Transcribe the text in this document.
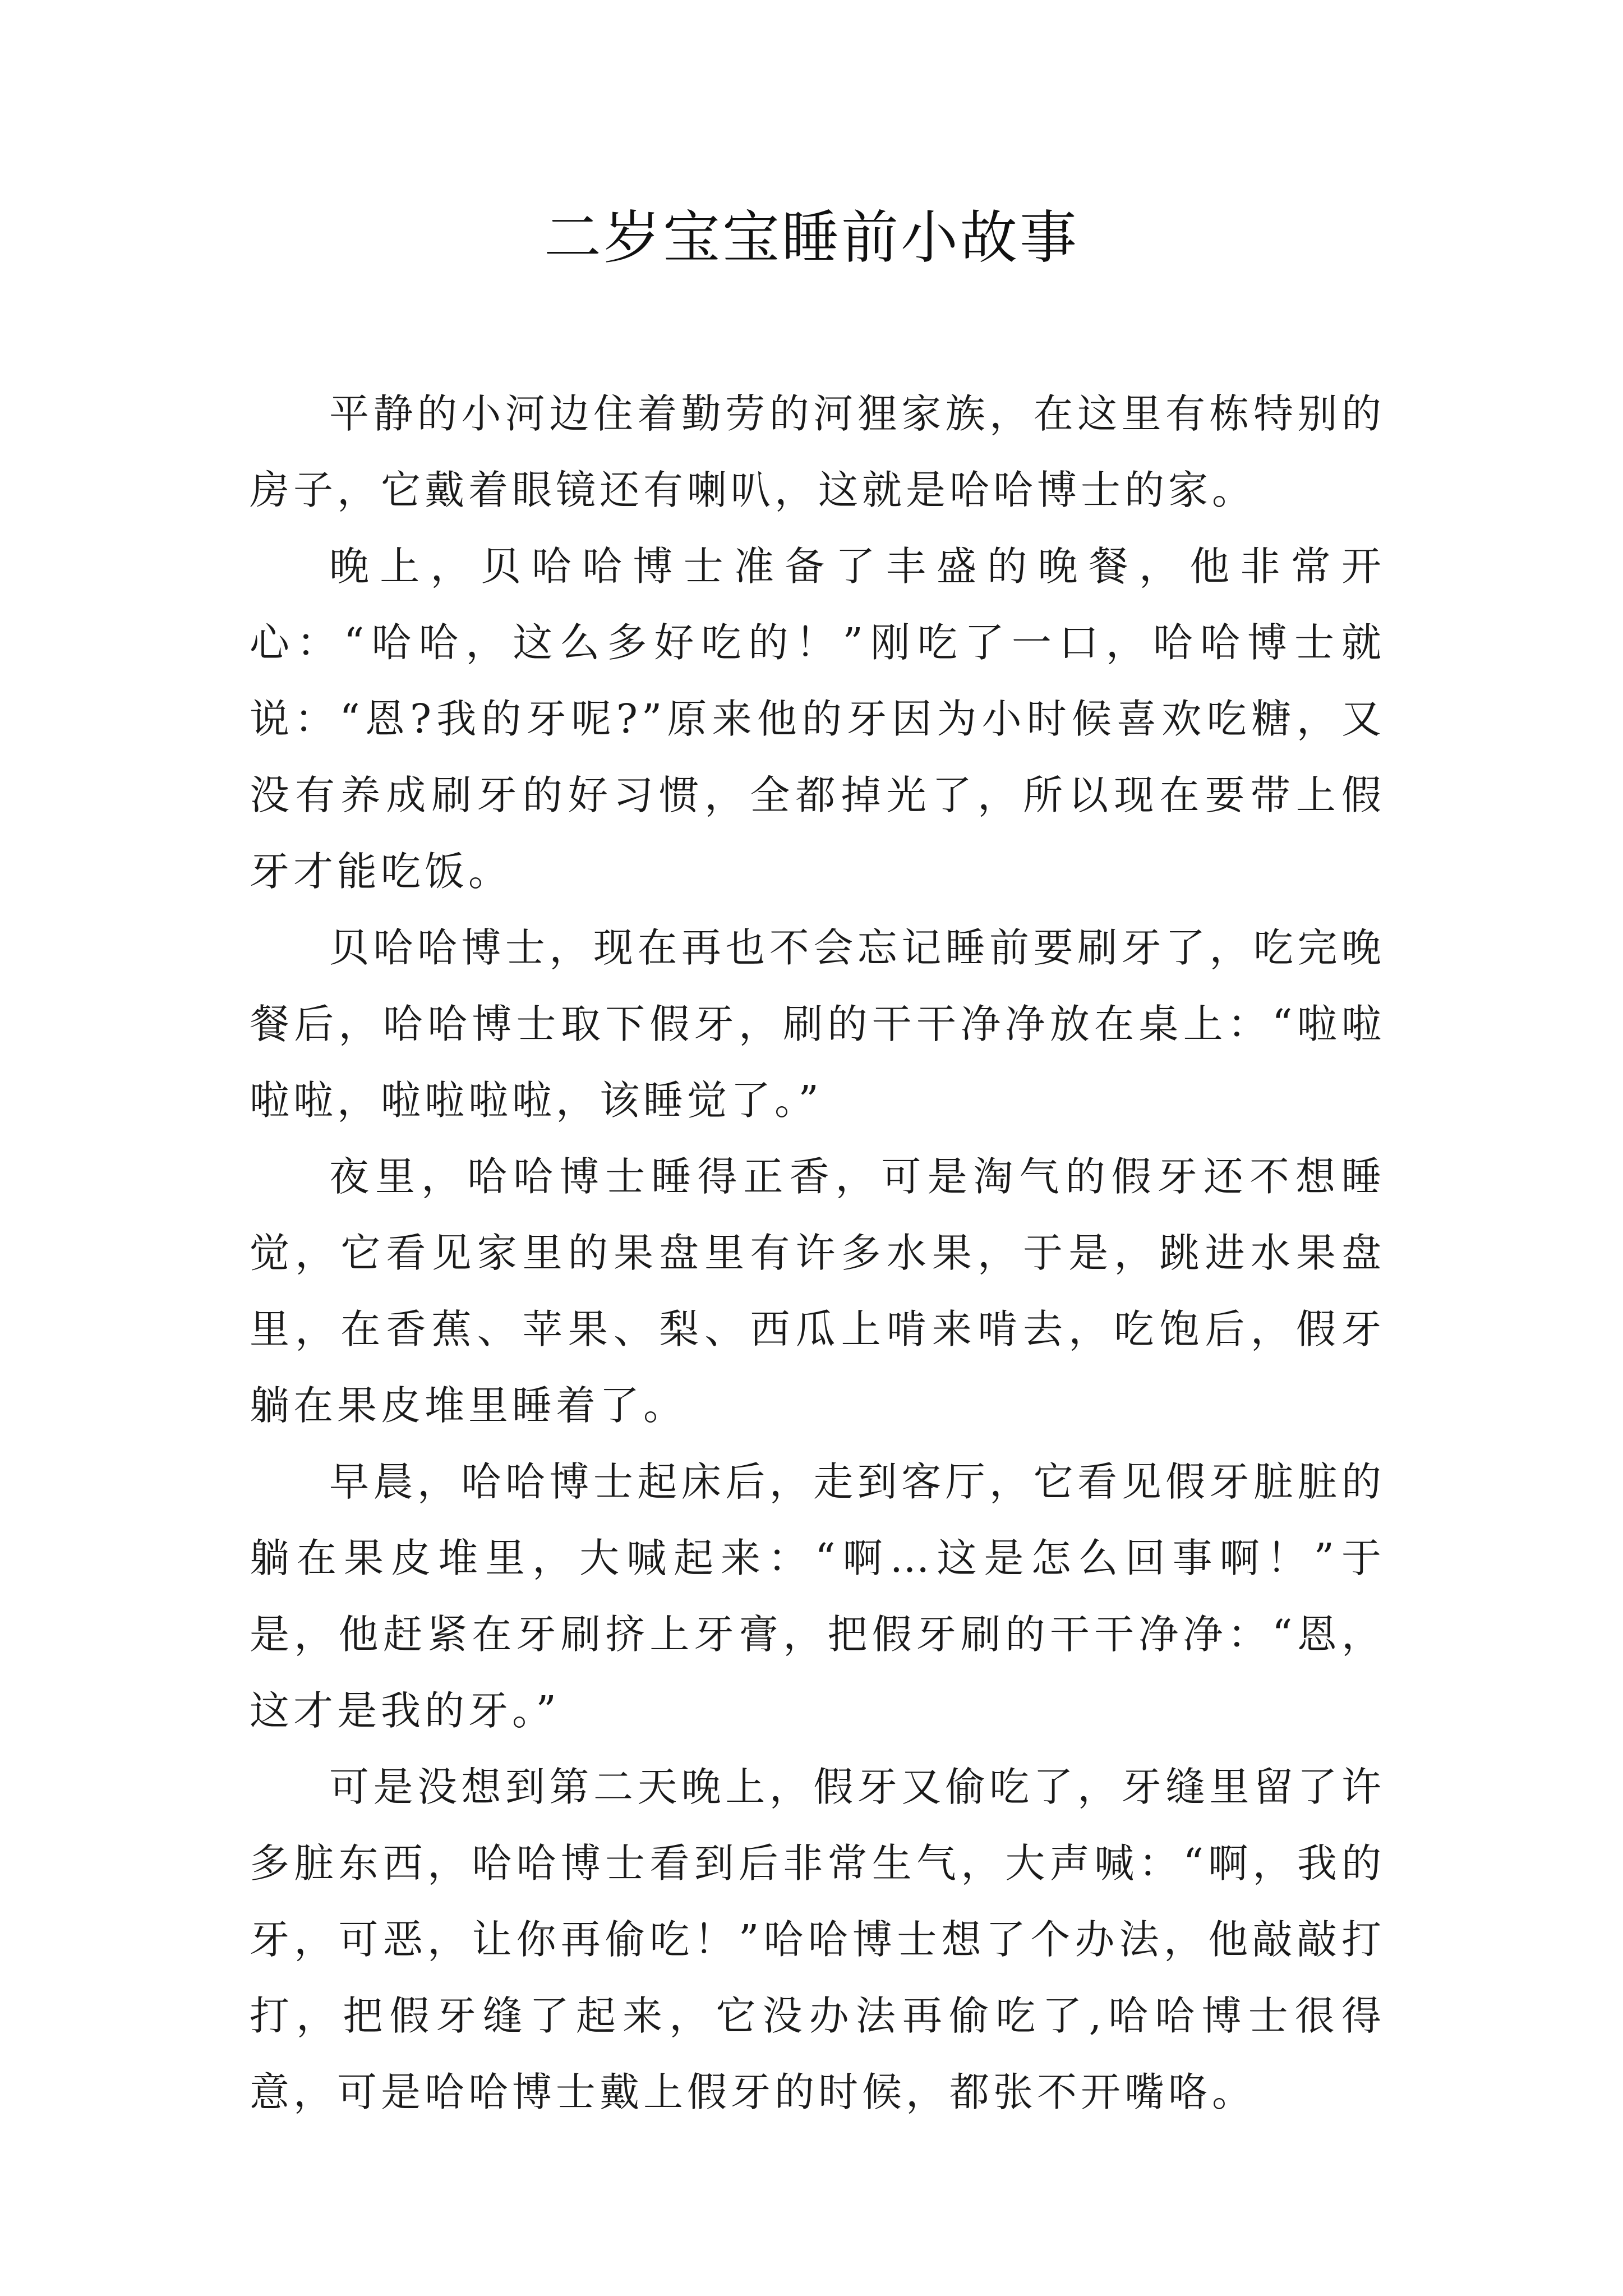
二岁宝宝睡前小故事

平静的小河边住着勤劳的河狸家族，在这里有栋特别的房子，它戴着眼镜还有喇叭，这就是哈哈博士的家。

晚上，贝哈哈博士准备了丰盛的晚餐，他非常开心：“哈哈，这么多好吃的！”刚吃了一口，哈哈博士就说：“恩?我的牙呢?”原来他的牙因为小时候喜欢吃糖，又没有养成刷牙的好习惯，全都掉光了，所以现在要带上假牙才能吃饭。

贝哈哈博士，现在再也不会忘记睡前要刷牙了，吃完晚餐后，哈哈博士取下假牙，刷的干干净净放在桌上：“啦啦啦啦，啦啦啦啦，该睡觉了。”

夜里，哈哈博士睡得正香，可是淘气的假牙还不想睡觉，它看见家里的果盘里有许多水果，于是，跳进水果盘里，在香蕉、苹果、梨、西瓜上啃来啃去，吃饱后，假牙躺在果皮堆里睡着了。

早晨，哈哈博士起床后，走到客厅，它看见假牙脏脏的躺在果皮堆里，大喊起来：“啊…这是怎么回事啊！”于是，他赶紧在牙刷挤上牙膏，把假牙刷的干干净净：“恩，这才是我的牙。”

可是没想到第二天晚上，假牙又偷吃了，牙缝里留了许多脏东西，哈哈博士看到后非常生气，大声喊：“啊，我的牙，可恶，让你再偷吃！”哈哈博士想了个办法，他敲敲打打，把假牙缝了起来，它没办法再偷吃了,哈哈博士很得意，可是哈哈博士戴上假牙的时候，都张不开嘴咯。
